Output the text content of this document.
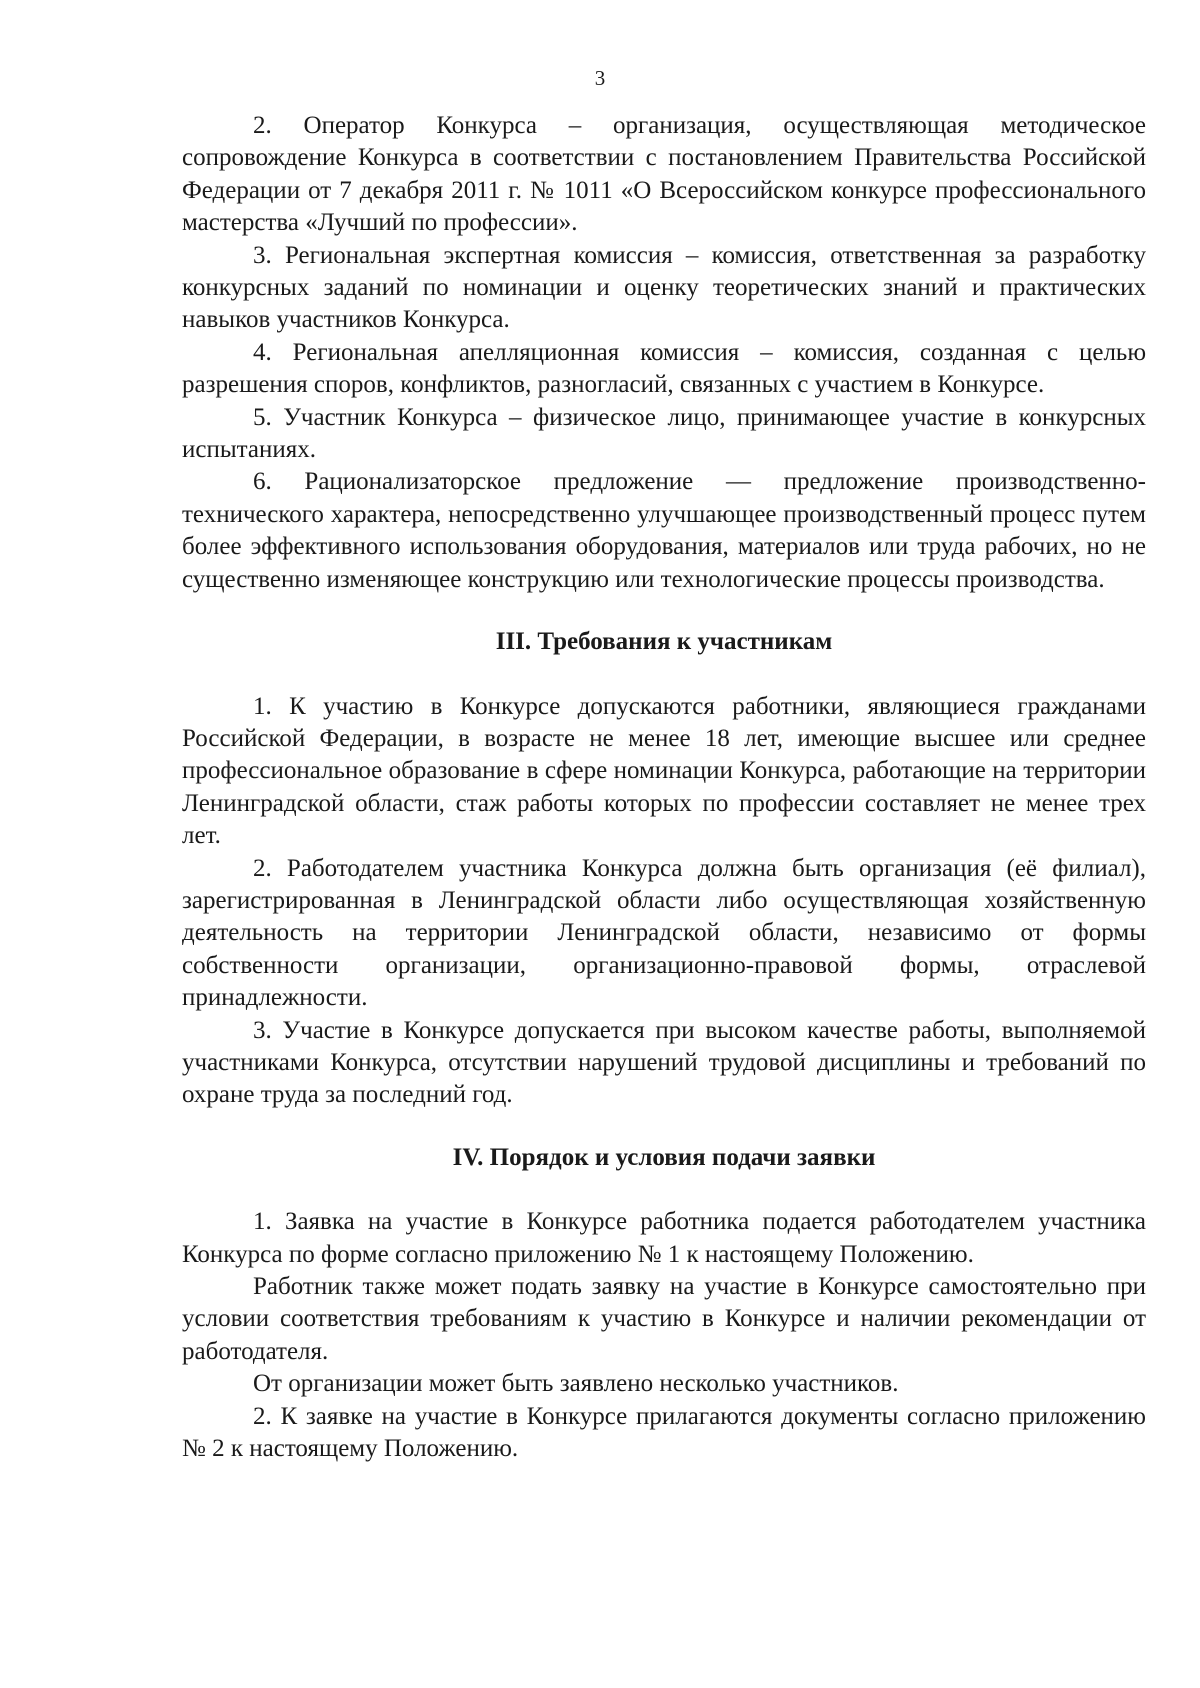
3

2. Оператор Конкурса – организация, осуществляющая методическое сопровождение Конкурса в соответствии с постановлением Правительства Российской Федерации от 7 декабря 2011 г. № 1011 «О Всероссийском конкурсе профессионального мастерства «Лучший по профессии».

3. Региональная экспертная комиссия – комиссия, ответственная за разработку конкурсных заданий по номинации и оценку теоретических знаний и практических навыков участников Конкурса.

4. Региональная апелляционная комиссия – комиссия, созданная с целью разрешения споров, конфликтов, разногласий, связанных с участием в Конкурсе.

5. Участник Конкурса – физическое лицо, принимающее участие в конкурсных испытаниях.

6. Рационализаторское предложение — предложение производственно-технического характера, непосредственно улучшающее производственный процесс путем более эффективного использования оборудования, материалов или труда рабочих, но не существенно изменяющее конструкцию или технологические процессы производства.

III. Требования к участникам

1. К участию в Конкурсе допускаются работники, являющиеся гражданами Российской Федерации, в возрасте не менее 18 лет, имеющие высшее или среднее профессиональное образование в сфере номинации Конкурса, работающие на территории Ленинградской области, стаж работы которых по профессии составляет не менее трех лет.

2. Работодателем участника Конкурса должна быть организация (её филиал), зарегистрированная в Ленинградской области либо осуществляющая хозяйственную деятельность на территории Ленинградской области, независимо от формы собственности организации, организационно-правовой формы, отраслевой принадлежности.

3. Участие в Конкурсе допускается при высоком качестве работы, выполняемой участниками Конкурса, отсутствии нарушений трудовой дисциплины и требований по охране труда за последний год.

IV. Порядок и условия подачи заявки

1. Заявка на участие в Конкурсе работника подается работодателем участника Конкурса по форме согласно приложению № 1 к настоящему Положению.

Работник также может подать заявку на участие в Конкурсе самостоятельно при условии соответствия требованиям к участию в Конкурсе и наличии рекомендации от работодателя.

От организации может быть заявлено несколько участников.

2. К заявке на участие в Конкурсе прилагаются документы согласно приложению № 2 к настоящему Положению.
